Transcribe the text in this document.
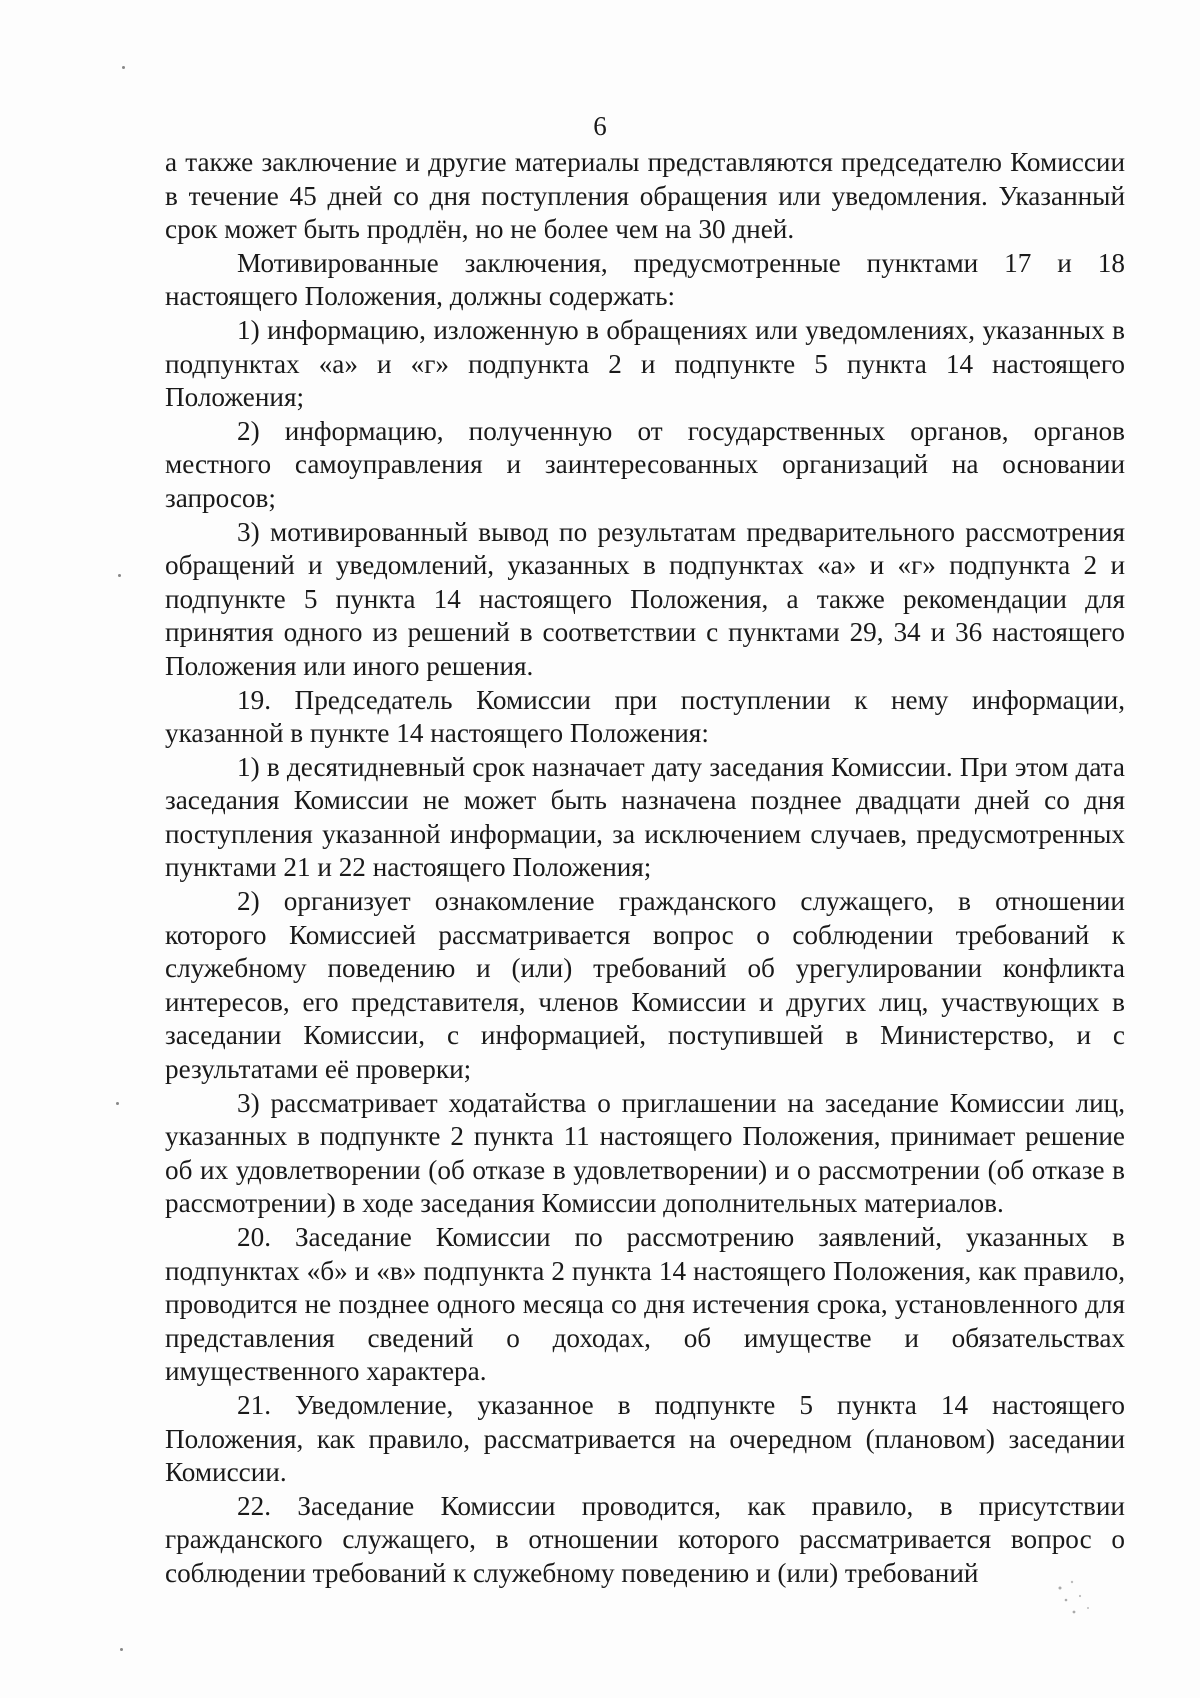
6

а также заключение и другие материалы представляются председателю Комиссии в течение 45 дней со дня поступления обращения или уведомления. Указанный срок может быть продлён, но не более чем на 30 дней.

Мотивированные заключения, предусмотренные пунктами 17 и 18 настоящего Положения, должны содержать:

1) информацию, изложенную в обращениях или уведомлениях, указанных в подпунктах «а» и «г» подпункта 2 и подпункте 5 пункта 14 настоящего Положения;

2) информацию, полученную от государственных органов, органов местного самоуправления и заинтересованных организаций на основании запросов;

3) мотивированный вывод по результатам предварительного рассмотрения обращений и уведомлений, указанных в подпунктах «а» и «г» подпункта 2 и подпункте 5 пункта 14 настоящего Положения, а также рекомендации для принятия одного из решений в соответствии с пунктами 29, 34 и 36 настоящего Положения или иного решения.

19. Председатель Комиссии при поступлении к нему информации, указанной в пункте 14 настоящего Положения:

1) в десятидневный срок назначает дату заседания Комиссии. При этом дата заседания Комиссии не может быть назначена позднее двадцати дней со дня поступления указанной информации, за исключением случаев, предусмотренных пунктами 21 и 22 настоящего Положения;

2) организует ознакомление гражданского служащего, в отношении которого Комиссией рассматривается вопрос о соблюдении требований к служебному поведению и (или) требований об урегулировании конфликта интересов, его представителя, членов Комиссии и других лиц, участвующих в заседании Комиссии, с информацией, поступившей в Министерство, и с результатами её проверки;

3) рассматривает ходатайства о приглашении на заседание Комиссии лиц, указанных в подпункте 2 пункта 11 настоящего Положения, принимает решение об их удовлетворении (об отказе в удовлетворении) и о рассмотрении (об отказе в рассмотрении) в ходе заседания Комиссии дополнительных материалов.

20. Заседание Комиссии по рассмотрению заявлений, указанных в подпунктах «б» и «в» подпункта 2 пункта 14 настоящего Положения, как правило, проводится не позднее одного месяца со дня истечения срока, установленного для представления сведений о доходах, об имуществе и обязательствах имущественного характера.

21. Уведомление, указанное в подпункте 5 пункта 14 настоящего Положения, как правило, рассматривается на очередном (плановом) заседании Комиссии.

22. Заседание Комиссии проводится, как правило, в присутствии гражданского служащего, в отношении которого рассматривается вопрос о соблюдении требований к служебному поведению и (или) требований
